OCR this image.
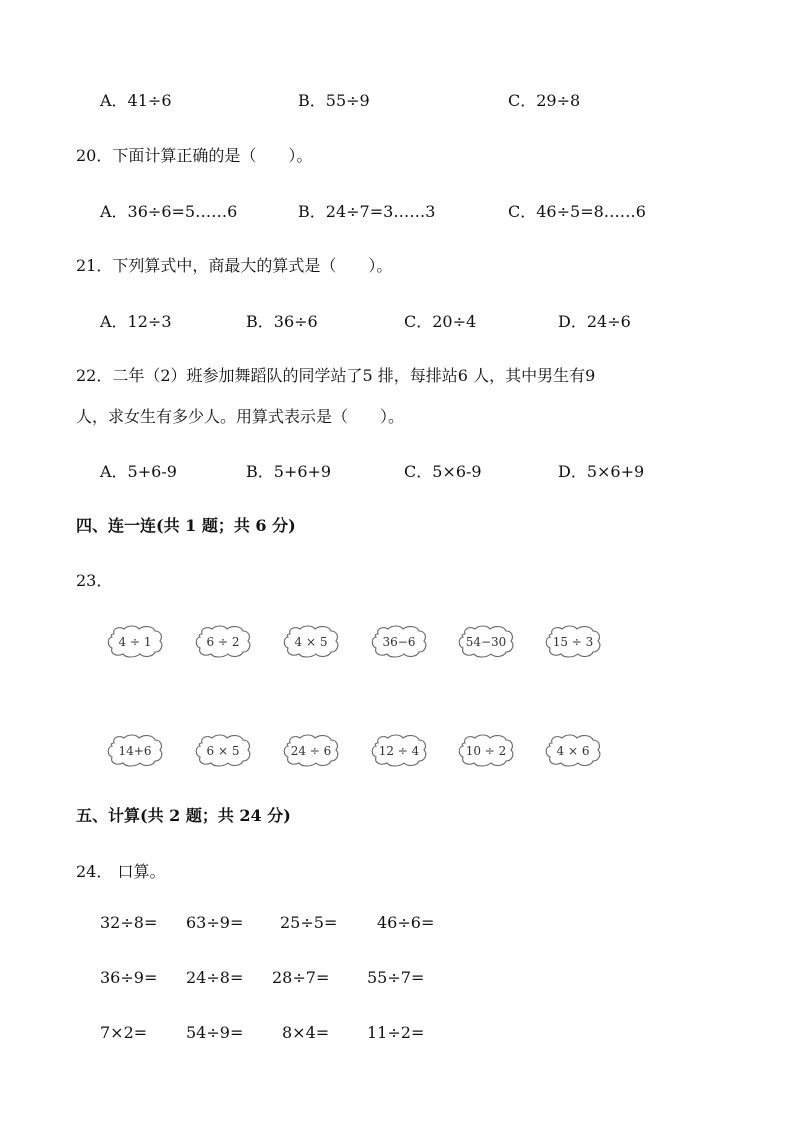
A．41÷6	B．55÷9	C．29÷8
20．下面计算正确的是（　　）。
A．36÷6=5……6	B．24÷7=3……3	C．46÷5=8……6
21．下列算式中，商最大的算式是（　　）。
A．12÷3	B．36÷6	C．20÷4	D．24÷6
22．二年（2）班参加舞蹈队的同学站了5 排，每排站6 人，其中男生有9
人，求女生有多少人。用算式表示是（　　）。
A．5+6-9	B．5+6+9	C．5×6-9	D．5×6+9
四、连一连(共 1 题；共 6 分)
23．
4 ÷ 1	6 ÷ 2	4 × 5	36−6	54−30	15 ÷ 3
14+6	6 × 5	24 ÷ 6	12 ÷ 4	10 ÷ 2	4 × 6
五、计算(共 2 题；共 24 分)
24． 口算。
32÷8= 63÷9= 25÷5= 46÷6=
36÷9= 24÷8= 28÷7= 55÷7=
7×2= 54÷9= 8×4= 11÷2=
